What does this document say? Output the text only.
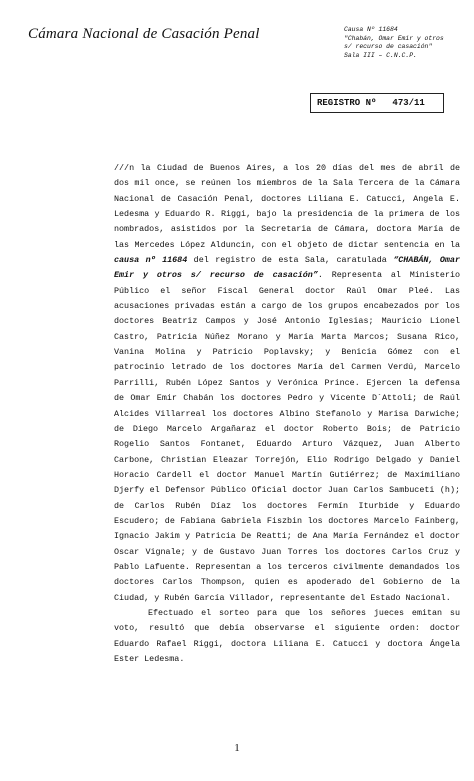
Cámara Nacional de Casación Penal	Causa Nº 11684
"Chabán, Omar Emir y otros
s/ recurso de casación"
Sala III – C.N.C.P.
REGISTRO Nº 473/11

///n la Ciudad de Buenos Aires, a los 20 días del mes de abril de dos mil once, se reúnen los miembros de la Sala Tercera de la Cámara Nacional de Casación Penal, doctores Liliana E. Catucci, Angela E. Ledesma y Eduardo R. Riggi, bajo la presidencia de la primera de los nombrados, asistidos por la Secretaria de Cámara, doctora María de las Mercedes López Alduncin, con el objeto de dictar sentencia en la causa nº 11684 del registro de esta Sala, caratulada “CHABÁN, Omar Emir y otros s/ recurso de casación”. Representa al Ministerio Público el señor Fiscal General doctor Raúl Omar Pleé. Las acusaciones privadas están a cargo de los grupos encabezados por los doctores Beatriz Campos y José Antonio Iglesias; Mauricio Lionel Castro, Patricia Núñez Morano y María Marta Marcos; Susana Rico, Vanina Molina y Patricio Poplavsky; y Benicia Gómez con el patrocinio letrado de los doctores María del Carmen Verdú, Marcelo Parrilli, Rubén López Santos y Verónica Prince. Ejercen la defensa de Omar Emir Chabán los doctores Pedro y Vicente D´Attoli; de Raúl Alcides Villarreal los doctores Albino Stefanolo y Marisa Darwiche; de Diego Marcelo Argañaraz el doctor Roberto Bois; de Patricio Rogelio Santos Fontanet, Eduardo Arturo Vázquez, Juan Alberto Carbone, Christian Eleazar Torrejón, Elio Rodrigo Delgado y Daniel Horacio Cardell el doctor Manuel Martín Gutiérrez; de Maximiliano Djerfy el Defensor Público Oficial doctor Juan Carlos Sambuceti (h); de Carlos Rubén Díaz los doctores Fermín Iturbide y Eduardo Escudero; de Fabiana Gabriela Fiszbin los doctores Marcelo Fainberg, Ignacio Jakim y Patricia De Reatti; de Ana María Fernández el doctor Oscar Vignale; y de Gustavo Juan Torres los doctores Carlos Cruz y Pablo Lafuente. Representan a los terceros civilmente demandados los doctores Carlos Thompson, quien es apoderado del Gobierno de la Ciudad, y Rubén García Villador, representante del Estado Nacional.

Efectuado el sorteo para que los señores jueces emitan su voto, resultó que debía observarse el siguiente orden: doctor Eduardo Rafael Riggi, doctora Liliana E. Catucci y doctora Ángela Ester Ledesma.

1
